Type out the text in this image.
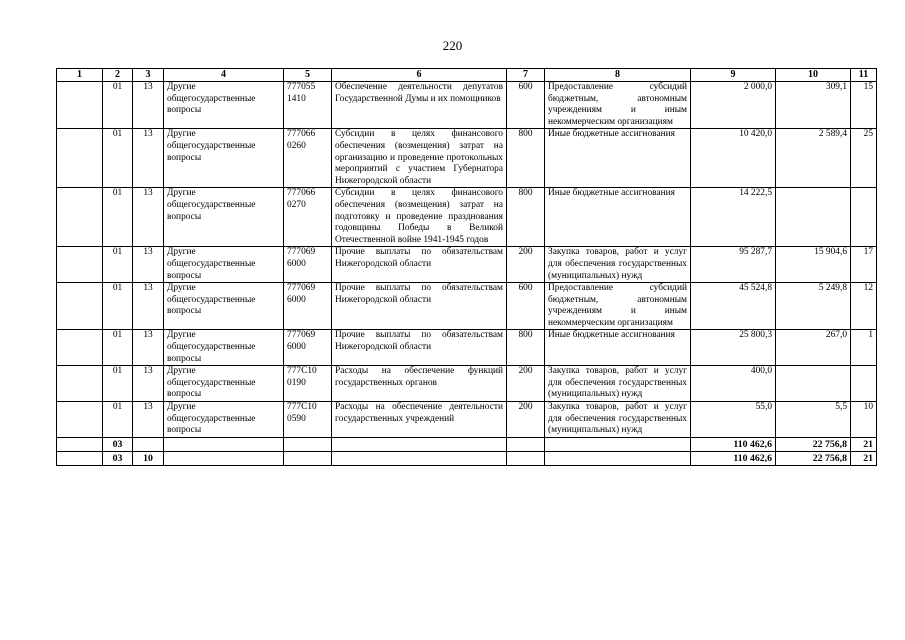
220
1	2	3	4	5	6	7	8	9	10	11
	01	13	Другие общегосударственные вопросы	777055 1410	Обеспечение деятельности депутатов Государственной Думы и их помощников	600	Предоставление субсидий бюджетным, автономным учреждениям и иным некоммерческим организациям	2 000,0	309,1	15
	01	13	Другие общегосударственные вопросы	777066 0260	Субсидии в целях финансового обеспечения (возмещения) затрат на организацию и проведение протокольных мероприятий с участием Губернатора Нижегородской области	800	Иные бюджетные ассигнования	10 420,0	2 589,4	25
	01	13	Другие общегосударственные вопросы	777066 0270	Субсидии в целях финансового обеспечения (возмещения) затрат на подготовку и проведение празднования годовщины Победы в Великой Отечественной войне 1941-1945 годов	800	Иные бюджетные ассигнования	14 222,5		
	01	13	Другие общегосударственные вопросы	777069 6000	Прочие выплаты по обязательствам Нижегородской области	200	Закупка товаров, работ и услуг для обеспечения государственных (муниципальных) нужд	95 287,7	15 904,6	17
	01	13	Другие общегосударственные вопросы	777069 6000	Прочие выплаты по обязательствам Нижегородской области	600	Предоставление субсидий бюджетным, автономным учреждениям и иным некоммерческим организациям	45 524,8	5 249,8	12
	01	13	Другие общегосударственные вопросы	777069 6000	Прочие выплаты по обязательствам Нижегородской области	800	Иные бюджетные ассигнования	25 800,3	267,0	1
	01	13	Другие общегосударственные вопросы	777С10 0190	Расходы на обеспечение функций государственных органов	200	Закупка товаров, работ и услуг для обеспечения государственных (муниципальных) нужд	400,0		
	01	13	Другие общегосударственные вопросы	777С10 0590	Расходы на обеспечение деятельности государственных учреждений	200	Закупка товаров, работ и услуг для обеспечения государственных (муниципальных) нужд	55,0	5,5	10
	03							110 462,6	22 756,8	21
	03	10						110 462,6	22 756,8	21
